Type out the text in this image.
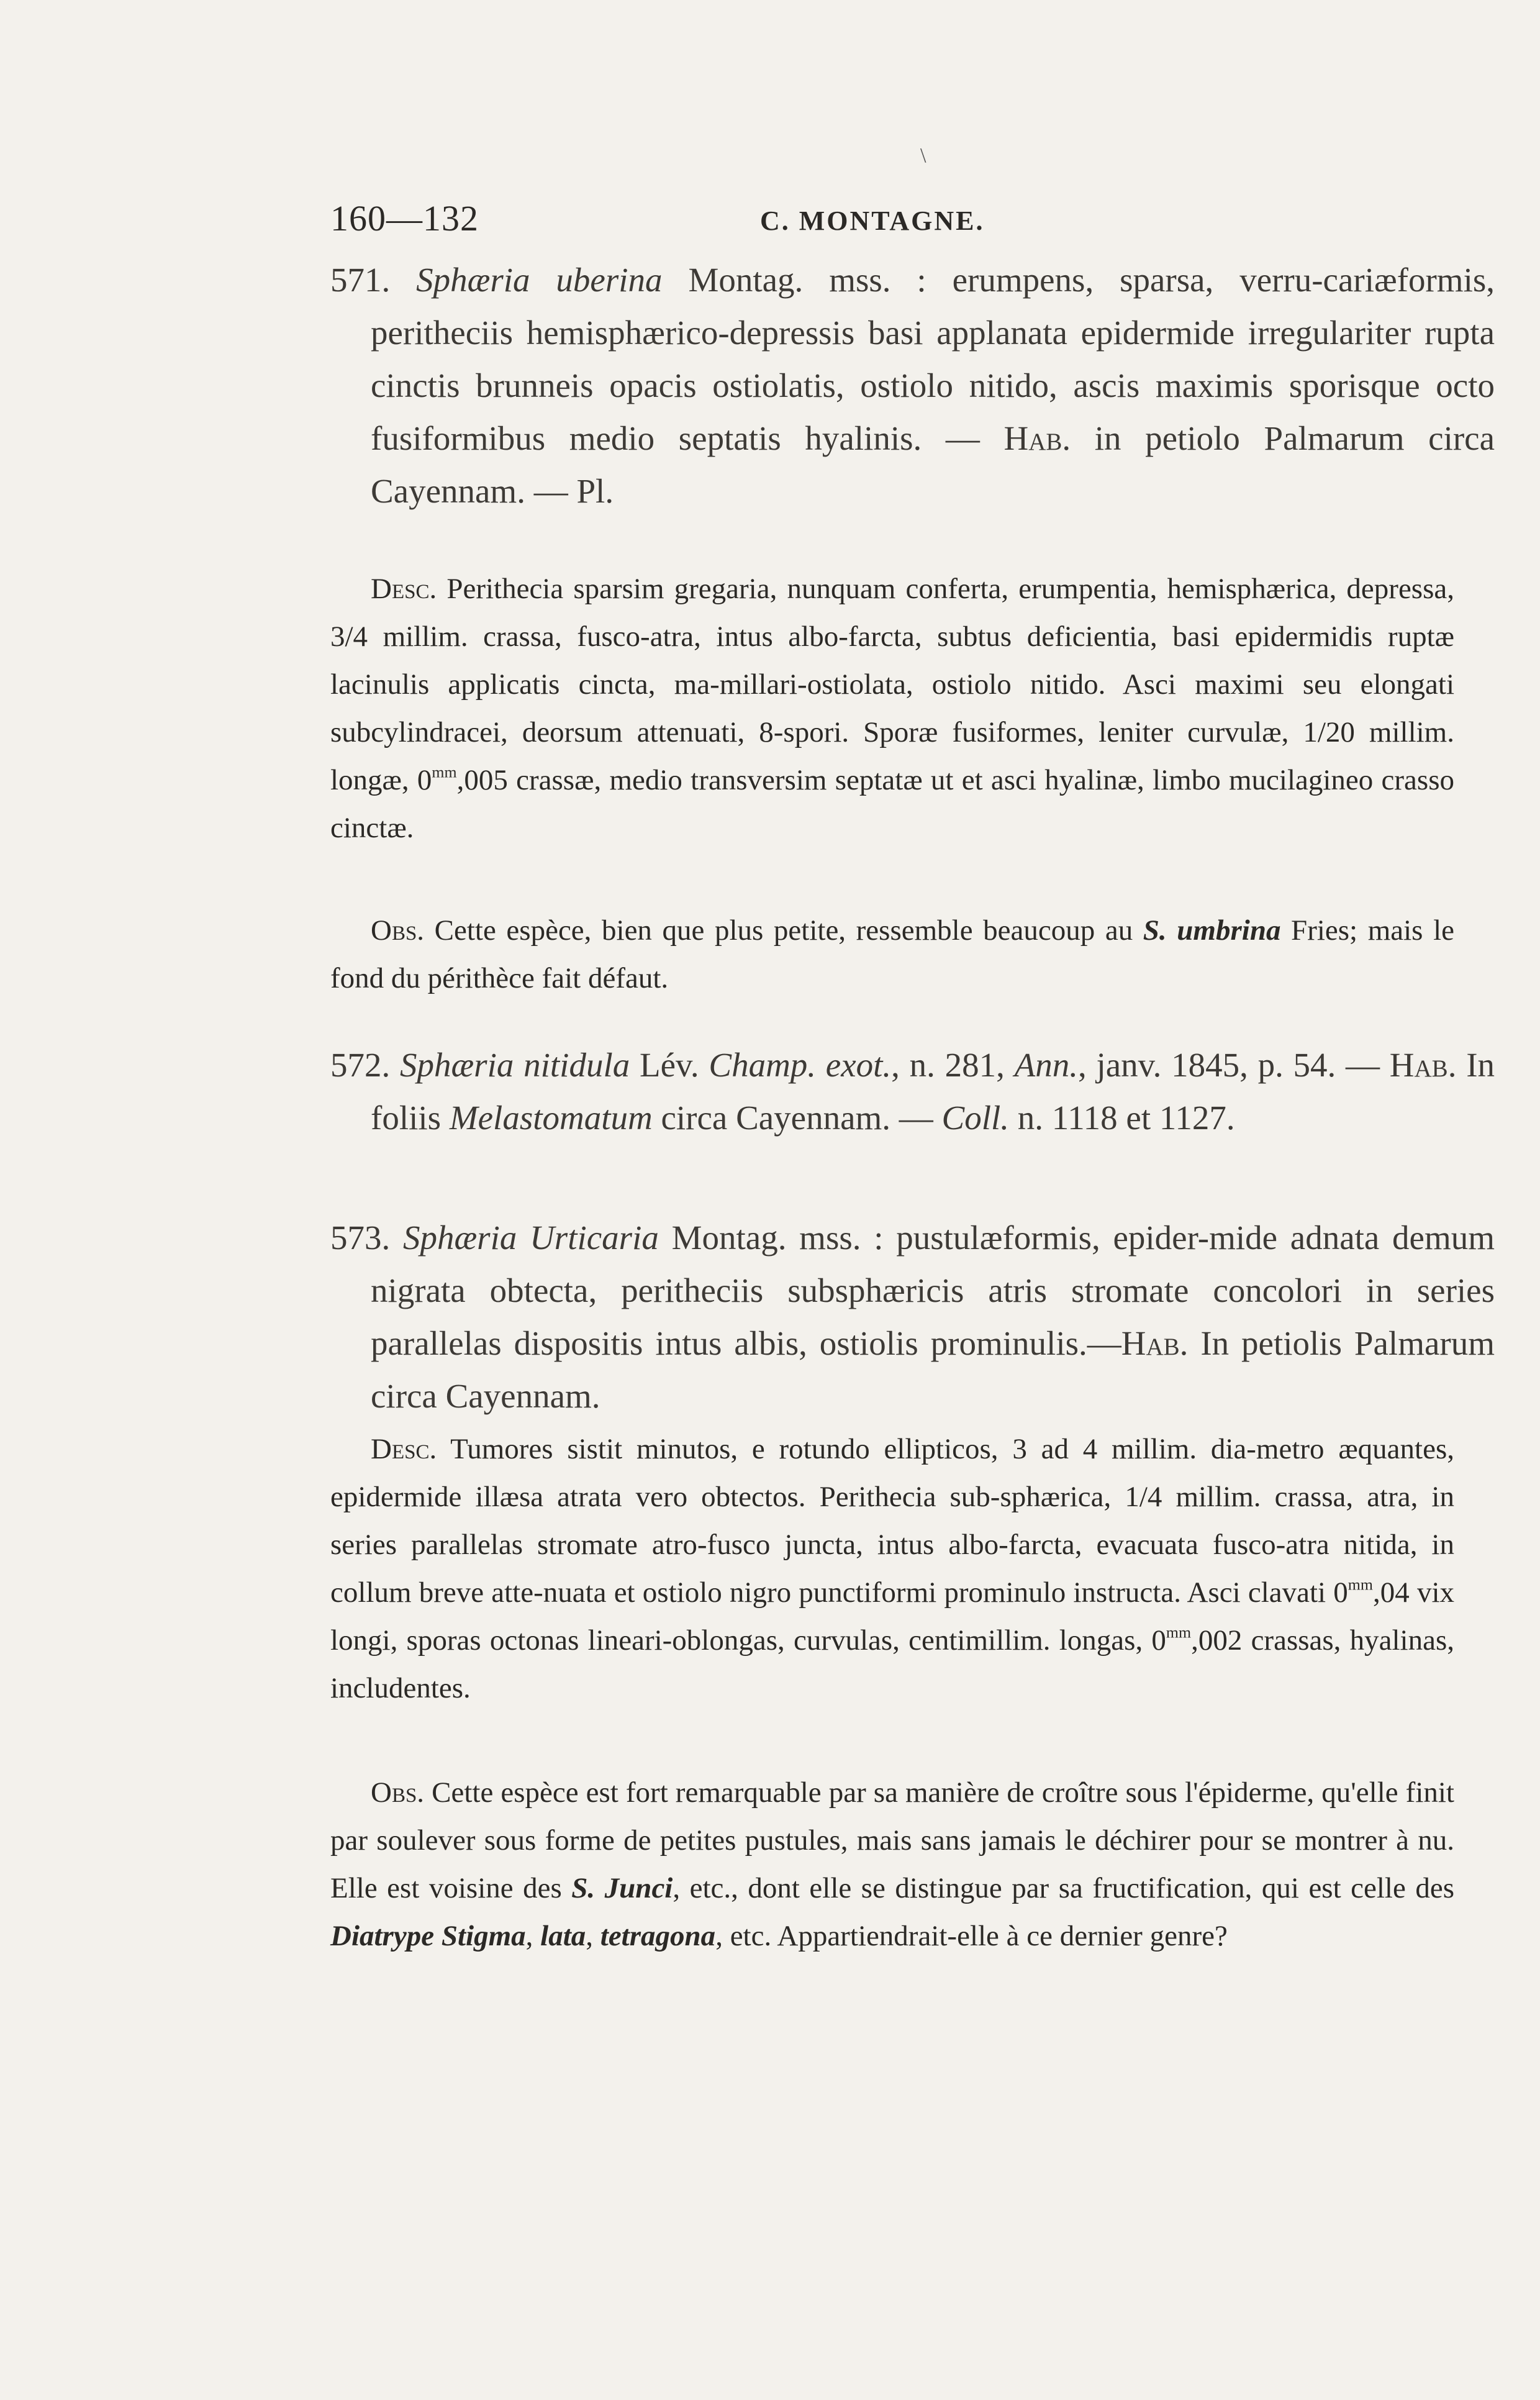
\
160—132	C. MONTAGNE.

571. Sphæria uberina Montag. mss. : erumpens, sparsa, verru-cariæformis, peritheciis hemisphærico-depressis basi applanata epidermide irregulariter rupta cinctis brunneis opacis ostiolatis, ostiolo nitido, ascis maximis sporisque octo fusiformibus medio septatis hyalinis. — Hab. in petiolo Palmarum circa Cayennam. — Pl.

Desc. Perithecia sparsim gregaria, nunquam conferta, erumpentia, hemisphærica, depressa, 3/4 millim. crassa, fusco-atra, intus albo-farcta, subtus deficientia, basi epidermidis ruptæ lacinulis applicatis cincta, ma-millari-ostiolata, ostiolo nitido. Asci maximi seu elongati subcylindracei, deorsum attenuati, 8-spori. Sporæ fusiformes, leniter curvulæ, 1/20 millim. longæ, $0^{mm},005$ crassæ, medio transversim septatæ ut et asci hyalinæ, limbo mucilagineo crasso cinctæ.

Obs. Cette espèce, bien que plus petite, ressemble beaucoup au S. umbrina Fries; mais le fond du périthèce fait défaut.

572. Sphæria nitidula Lév. Champ. exot., n. 281, Ann., janv. 1845, p. 54. — Hab. In foliis Melastomatum circa Cayennam. — Coll. n. 1118 et 1127.

573. Sphæria Urticaria Montag. mss. : pustulæformis, epider-mide adnata demum nigrata obtecta, peritheciis subsphæricis atris stromate concolori in series parallelas dispositis intus albis, ostiolis prominulis.—Hab. In petiolis Palmarum circa Cayennam.

Desc. Tumores sistit minutos, e rotundo ellipticos, 3 ad 4 millim. dia-metro æquantes, epidermide illæsa atrata vero obtectos. Perithecia sub-sphærica, 1/4 millim. crassa, atra, in series parallelas stromate atro-fusco juncta, intus albo-farcta, evacuata fusco-atra nitida, in collum breve atte-nuata et ostiolo nigro punctiformi prominulo instructa. Asci clavati $0^{mm},04$ vix longi, sporas octonas lineari-oblongas, curvulas, centimillim. longas, $0^{mm},002$ crassas, hyalinas, includentes.

Obs. Cette espèce est fort remarquable par sa manière de croître sous l'épiderme, qu'elle finit par soulever sous forme de petites pustules, mais sans jamais le déchirer pour se montrer à nu. Elle est voisine des S. Junci, etc., dont elle se distingue par sa fructification, qui est celle des Diatrype Stigma, lata, tetragona, etc. Appartiendrait-elle à ce dernier genre?
